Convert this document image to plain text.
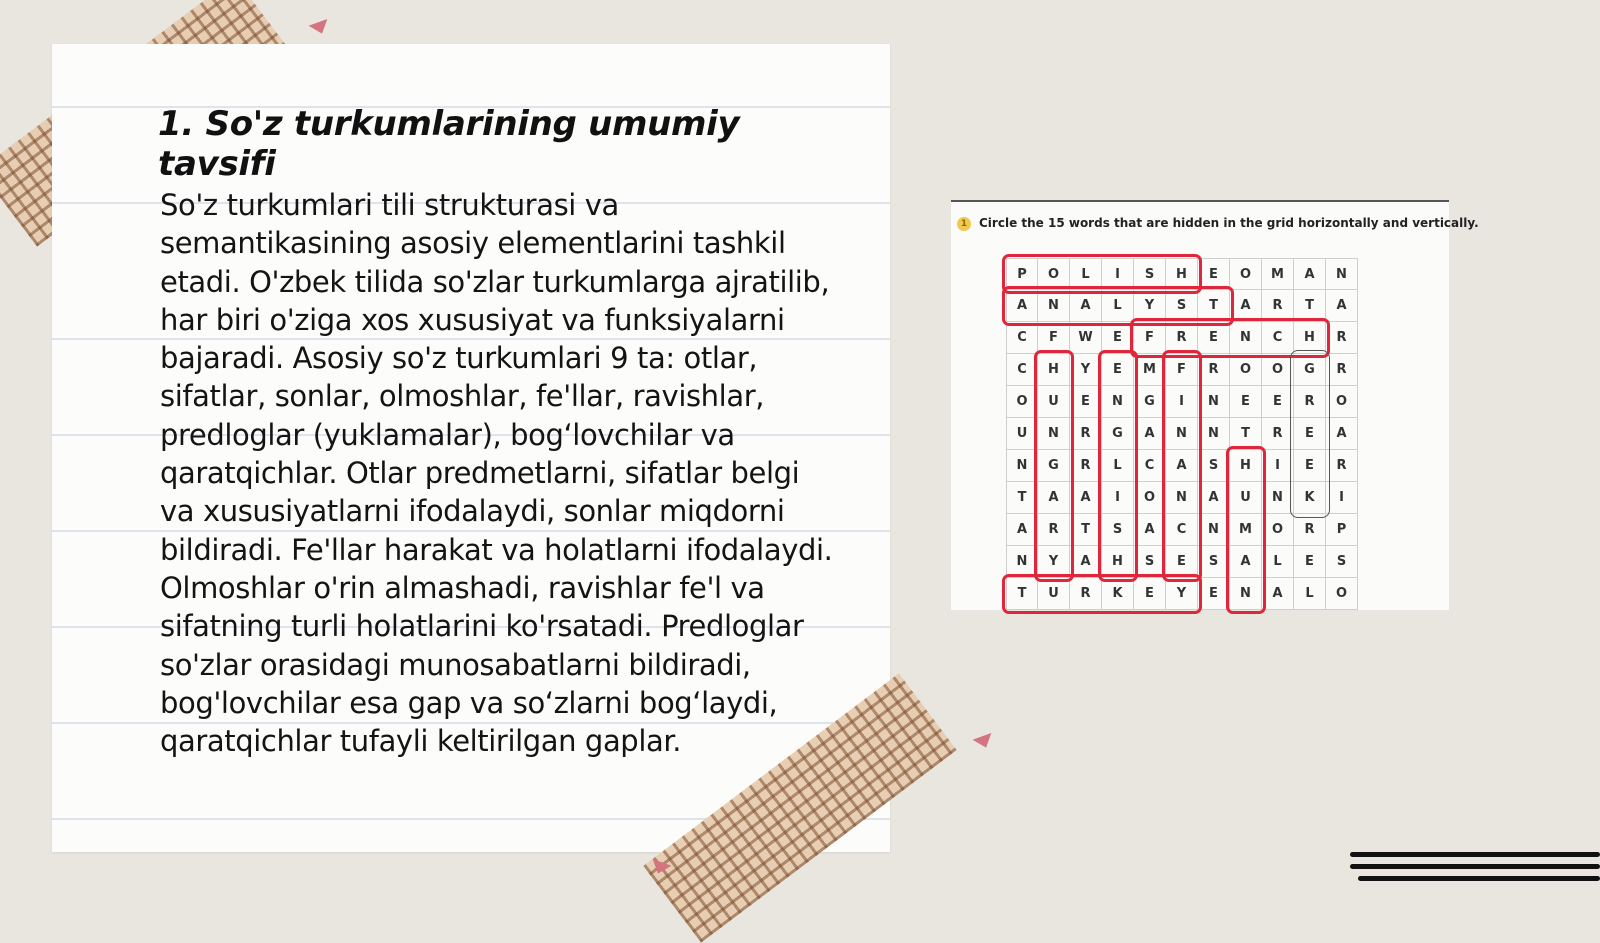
1. So'z turkumlarining umumiy tavsifi
So'z turkumlari tili strukturasi va semantikasining asosiy elementlarini tashkil etadi. O'zbek tilida so'zlar turkumlarga ajratilib, har biri o'ziga xos xususiyat va funksiyalarni bajaradi. Asosiy so'z turkumlari 9 ta: otlar, sifatlar, sonlar, olmoshlar, fe'llar, ravishlar, predloglar (yuklamalar), bog‘lovchilar va qaratqichlar. Otlar predmetlarni, sifatlar belgi va xususiyatlarni ifodalaydi, sonlar miqdorni bildiradi. Fe'llar harakat va holatlarni ifodalaydi. Olmoshlar o'rin almashadi, ravishlar fe'l va sifatning turli holatlarini ko'rsatadi. Predloglar so'zlar orasidagi munosabatlarni bildiradi, bog'lovchilar esa gap va so‘zlarni bog‘laydi, qaratqichlar tufayli keltirilgan gaplar.
1 Circle the 15 words that are hidden in the grid horizontally and vertically.
P	O	L	I	S	H	E	O	M	A	N
A	N	A	L	Y	S	T	A	R	T	A
C	F	W	E	F	R	E	N	C	H	R
C	H	Y	E	M	F	R	O	O	G	R
O	U	E	N	G	I	N	E	E	R	O
U	N	R	G	A	N	N	T	R	E	A
N	G	R	L	C	A	S	H	I	E	R
T	A	A	I	O	N	A	U	N	K	I
A	R	T	S	A	C	N	M	O	R	P
N	Y	A	H	S	E	S	A	L	E	S
T	U	R	K	E	Y	E	N	A	L	O
